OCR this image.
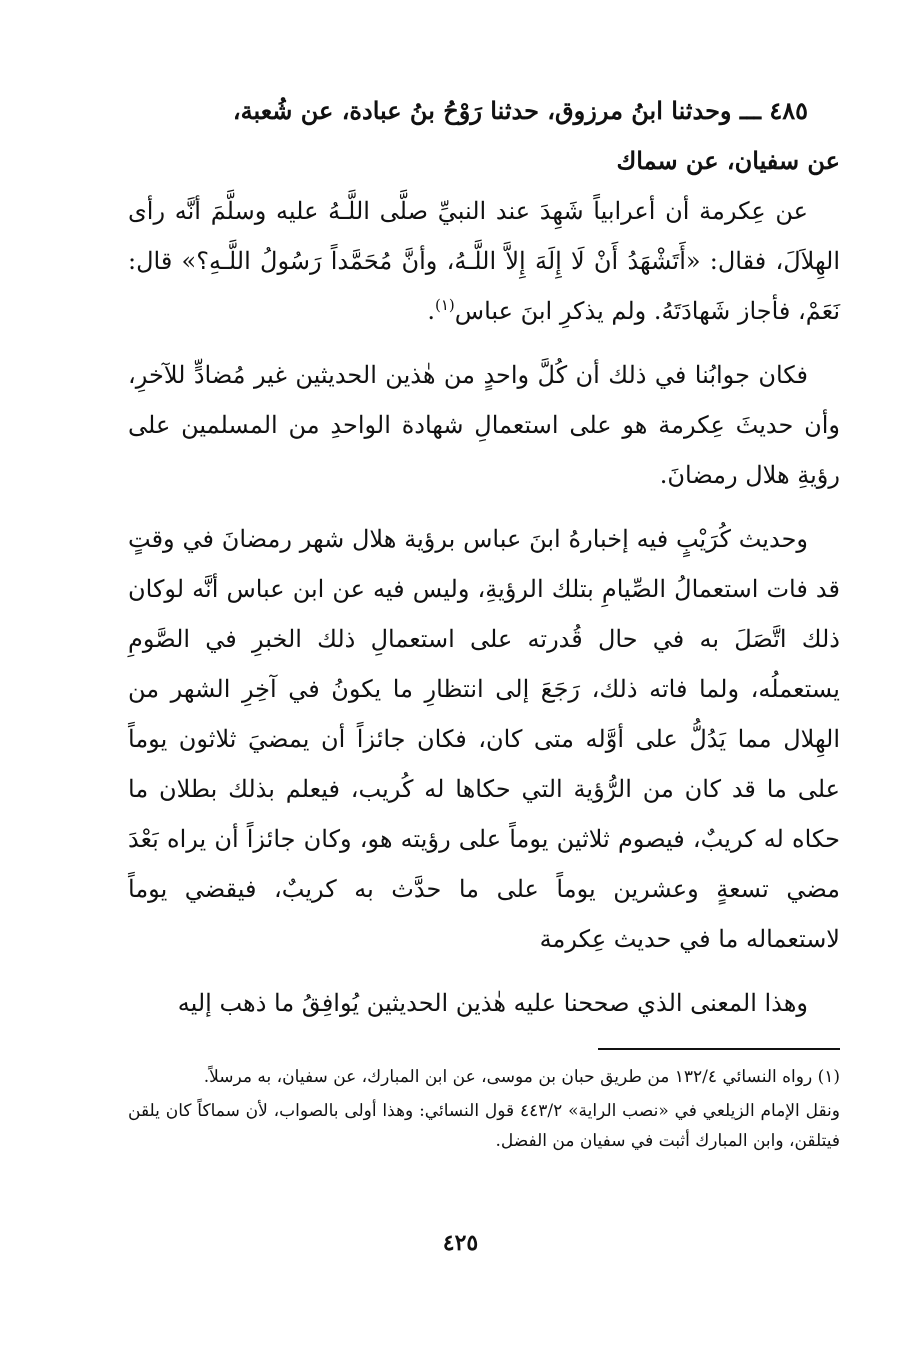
٤٨٥ ـــ وحدثنا ابنُ مرزوق، حدثنا رَوْحُ بنُ عبادة، عن شُعبة،

عن سفيان، عن سماك

عن عِكرمة أن أعرابياً شَهِدَ عند النبيِّ صلَّى اللَّـهُ عليه وسلَّمَ أنَّه رأى الهِلاَلَ، فقال: «أَتَشْهَدُ أَنْ لَا إِلَهَ إِلاَّ اللَّـهُ، وأنَّ مُحَمَّداً رَسُولُ اللَّـهِ؟» قال: نَعَمْ، فأجاز شَهادَتَهُ. ولم يذكرِ ابنَ عباس$^{(١)}$.

فكان جوابُنا في ذلك أن كُلَّ واحدٍ من هٰذين الحديثين غير مُضادٍّ للآخرِ، وأن حديثَ عِكرمة هو على استعمالِ شهادة الواحدِ من المسلمين على رؤيةِ هلال رمضانَ.

وحديث كُرَيْبٍ فيه إخبارهُ ابنَ عباس برؤية هلال شهر رمضانَ في وقتٍ قد فات استعمالُ الصِّيامِ بتلك الرؤيةِ، وليس فيه عن ابن عباس أنَّه لوكان ذلك اتَّصَلَ به في حال قُدرته على استعمالِ ذلك الخبرِ في الصَّومِ يستعملُه، ولما فاته ذلك، رَجَعَ إلى انتظارِ ما يكونُ في آخِرِ الشهر من الهِلال مما يَدُلُّ على أوَّله متى كان، فكان جائزاً أن يمضيَ ثلاثون يوماً على ما قد كان من الرُّؤية التي حكاها له كُريب، فيعلم بذلك بطلان ما حكاه له كريبٌ، فيصوم ثلاثين يوماً على رؤيته هو، وكان جائزاً أن يراه بَعْدَ مضي تسعةٍ وعشرين يوماً على ما حدَّث به كريبٌ، فيقضي يوماً لاستعماله ما في حديث عِكرمة

وهذا المعنى الذي صححنا عليه هٰذين الحديثين يُوافِقُ ما ذهب إليه

(١) رواه النسائي ١٣٢/٤ من طريق حبان بن موسى، عن ابن المبارك، عن سفيان، به مرسلاً.

ونقل الإمام الزيلعي في «نصب الراية» ٤٤٣/٢ قول النسائي: وهذا أولى بالصواب، لأن سماكاً كان يلقن فيتلقن، وابن المبارك أثبت في سفيان من الفضل.

٤٢٥
